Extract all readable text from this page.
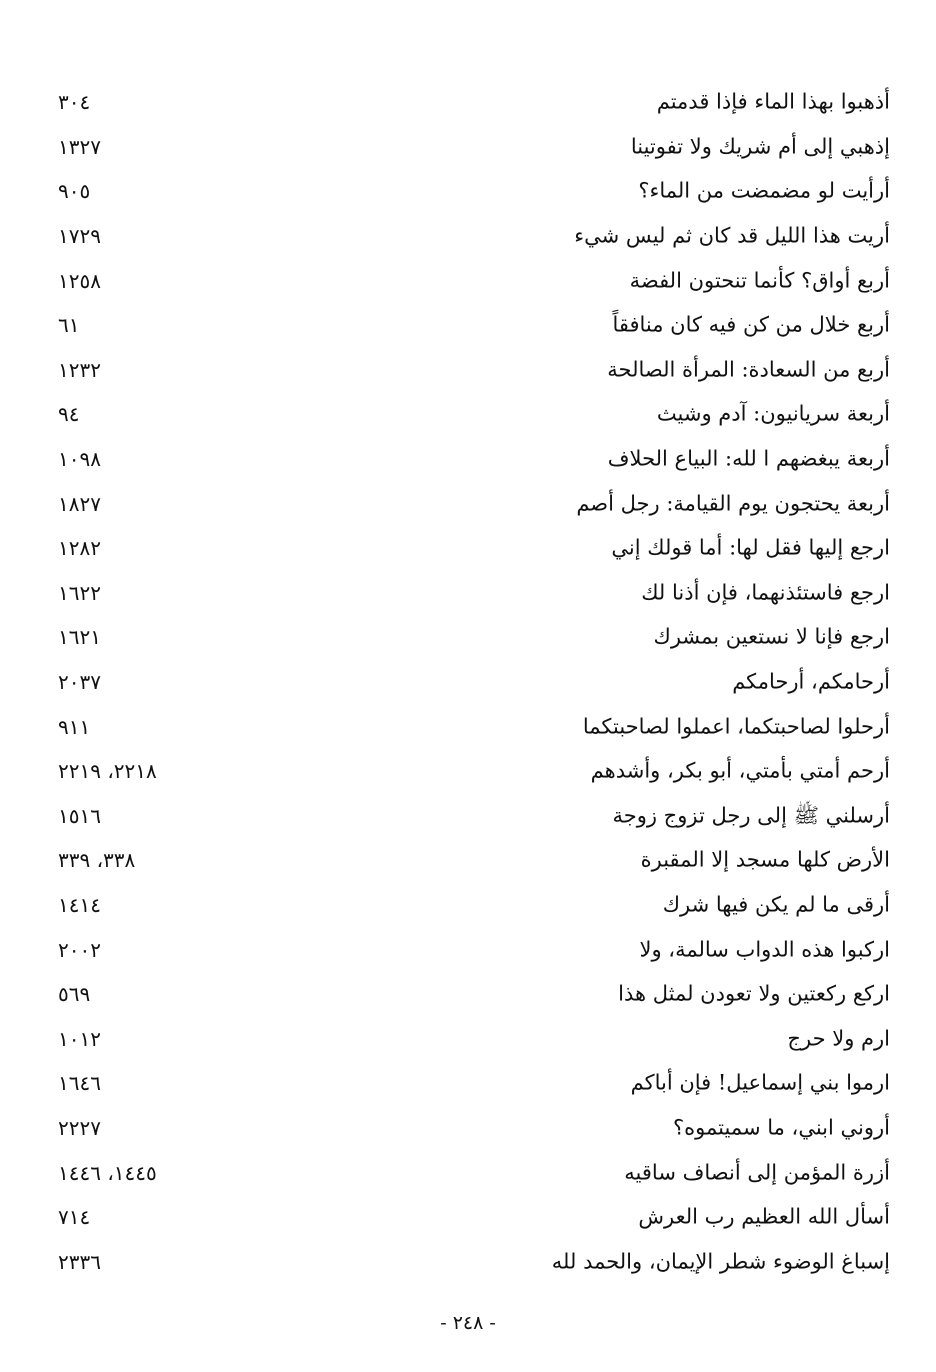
أذهبوا بهذا الماء فإذا قدمتم
٣٠٤
إذهبي إلى أم شريك ولا تفوتينا
١٣٢٧
أرأيت لو مضمضت من الماء؟
٩٠٥
أريت هذا الليل قد كان ثم ليس شيء
١٧٢٩
أربع أواق؟ كأنما تنحتون الفضة
١٢٥٨
أربع خلال من كن فيه كان منافقاً
٦١
أربع من السعادة: المرأة الصالحة
١٢٣٢
أربعة سريانيون: آدم وشيث
٩٤
أربعة يبغضهم ا لله: البياع الحلاف
١٠٩٨
أربعة يحتجون يوم القيامة: رجل أصم
١٨٢٧
ارجع إليها فقل لها: أما قولك إني
١٢٨٢
ارجع فاستئذنهما، فإن أذنا لك
١٦٢٢
ارجع فإنا لا نستعين بمشرك
١٦٢١
أرحامكم، أرحامكم
٢٠٣٧
أرحلوا لصاحبتكما، اعملوا لصاحبتكما
٩١١
أرحم أمتي بأمتي، أبو بكر، وأشدهم
٢٢١٨، ٢٢١٩
أرسلني ﷺ إلى رجل تزوج زوجة
١٥١٦
الأرض كلها مسجد إلا المقبرة
٣٣٨، ٣٣٩
أرقى ما لم يكن فيها شرك
١٤١٤
اركبوا هذه الدواب سالمة، ولا
٢٠٠٢
اركع ركعتين ولا تعودن لمثل هذا
٥٦٩
ارم ولا حرج
١٠١٢
ارموا بني إسماعيل! فإن أباكم
١٦٤٦
أروني ابني، ما سميتموه؟
٢٢٢٧
أزرة المؤمن إلى أنصاف ساقيه
١٤٤٥، ١٤٤٦
أسأل الله العظيم رب العرش
٧١٤
إسباغ الوضوء شطر الإيمان، والحمد لله
٢٣٣٦
- ٢٤٨ -
